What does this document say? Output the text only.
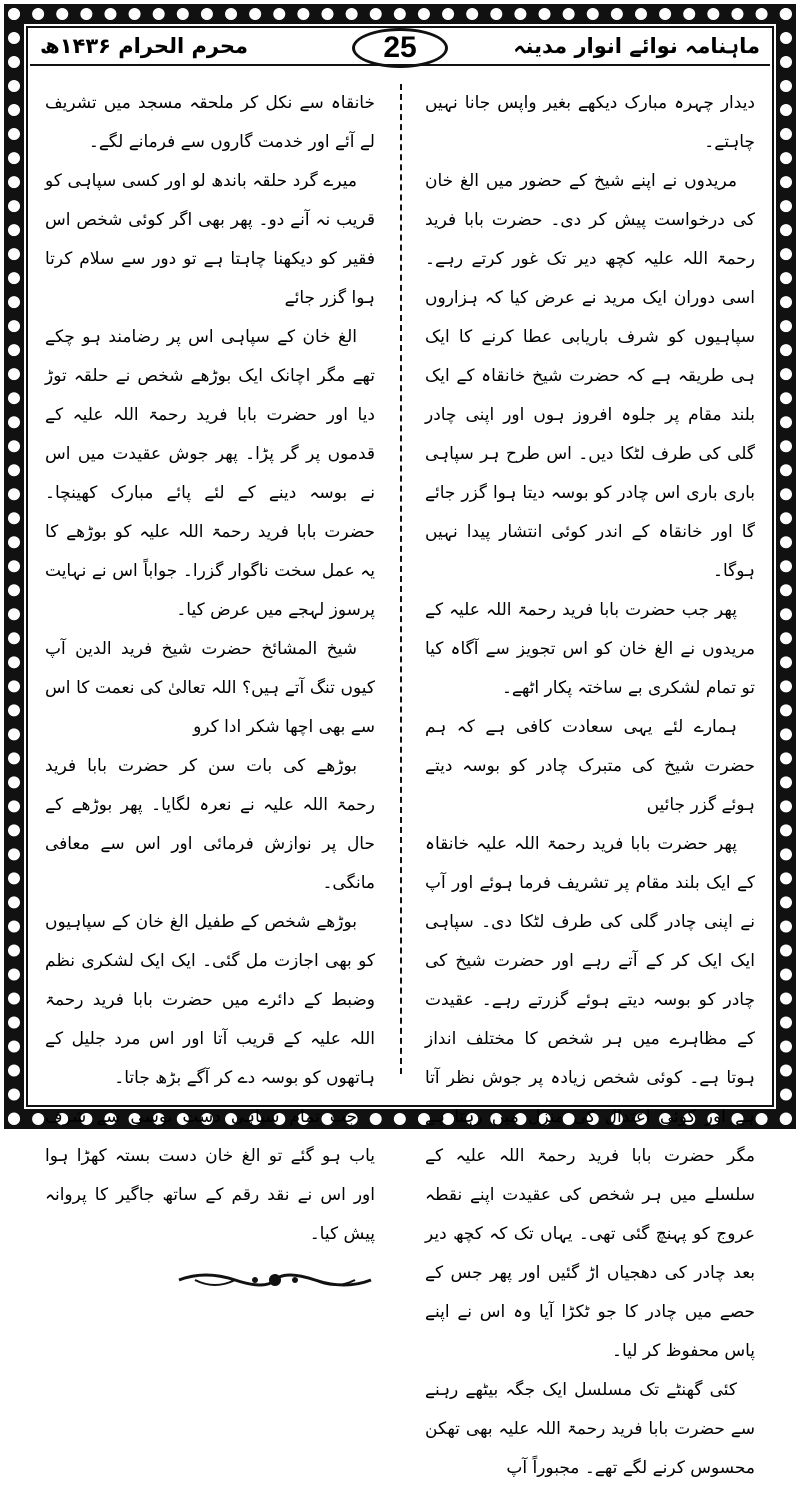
محرم الحرام ۱۴۳۶ھ	25	ماہنامہ نوائے انوار مدینہ

دیدار چہرہ مبارک دیکھے بغیر واپس جانا نہیں چاہتے۔

مریدوں نے اپنے شیخ کے حضور میں الغ خان کی درخواست پیش کر دی۔ حضرت بابا فرید رحمۃ اللہ علیہ کچھ دیر تک غور کرتے رہے۔ اسی دوران ایک مرید نے عرض کیا کہ ہزاروں سپاہیوں کو شرف باریابی عطا کرنے کا ایک ہی طریقہ ہے کہ حضرت شیخ خانقاہ کے ایک بلند مقام پر جلوہ افروز ہوں اور اپنی چادر گلی کی طرف لٹکا دیں۔ اس طرح ہر سپاہی باری باری اس چادر کو بوسہ دیتا ہوا گزر جائے گا اور خانقاہ کے اندر کوئی انتشار پیدا نہیں ہوگا۔

پھر جب حضرت بابا فرید رحمۃ اللہ علیہ کے مریدوں نے الغ خان کو اس تجویز سے آگاہ کیا تو تمام لشکری بے ساختہ پکار اٹھے۔

ہمارے لئے یہی سعادت کافی ہے کہ ہم حضرت شیخ کی متبرک چادر کو بوسہ دیتے ہوئے گزر جائیں

پھر حضرت بابا فرید رحمۃ اللہ علیہ خانقاہ کے ایک بلند مقام پر تشریف فرما ہوئے اور آپ نے اپنی چادر گلی کی طرف لٹکا دی۔ سپاہی ایک ایک کر کے آتے رہے اور حضرت شیخ کی چادر کو بوسہ دیتے ہوئے گزرتے رہے۔ عقیدت کے مظاہرے میں ہر شخص کا مختلف انداز ہوتا ہے۔ کوئی شخص زیادہ پر جوش نظر آتا ہے اور کوئی اعتدال کی منزل میں رہتا ہے مگر حضرت بابا فرید رحمۃ اللہ علیہ کے سلسلے میں ہر شخص کی عقیدت اپنے نقطہ عروج کو پہنچ گئی تھی۔ یہاں تک کہ کچھ دیر بعد چادر کی دھجیاں اڑ گئیں اور پھر جس کے حصے میں چادر کا جو ٹکڑا آیا وہ اس نے اپنے پاس محفوظ کر لیا۔

کئی گھنٹے تک مسلسل ایک جگہ بیٹھے رہنے سے حضرت بابا فرید رحمۃ اللہ علیہ بھی تھکن محسوس کرنے لگے تھے۔ مجبوراً آپ

خانقاہ سے نکل کر ملحقہ مسجد میں تشریف لے آئے اور خدمت گاروں سے فرمانے لگے۔

میرے گرد حلقہ باندھ لو اور کسی سپاہی کو قریب نہ آنے دو۔ پھر بھی اگر کوئی شخص اس فقیر کو دیکھنا چاہتا ہے تو دور سے سلام کرتا ہوا گزر جائے

الغ خان کے سپاہی اس پر رضامند ہو چکے تھے مگر اچانک ایک بوڑھے شخص نے حلقہ توڑ دیا اور حضرت بابا فرید رحمۃ اللہ علیہ کے قدموں پر گر پڑا۔ پھر جوش عقیدت میں اس نے بوسہ دینے کے لئے پائے مبارک کھینچا۔ حضرت بابا فرید رحمۃ اللہ علیہ کو بوڑھے کا یہ عمل سخت ناگوار گزرا۔ جواباً اس نے نہایت پرسوز لہجے میں عرض کیا۔

شیخ المشائخ حضرت شیخ فرید الدین آپ کیوں تنگ آتے ہیں؟ اللہ تعالیٰ کی نعمت کا اس سے بھی اچھا شکر ادا کرو

بوڑھے کی بات سن کر حضرت بابا فرید رحمۃ اللہ علیہ نے نعرہ لگایا۔ پھر بوڑھے کے حال پر نوازش فرمائی اور اس سے معافی مانگی۔

بوڑھے شخص کے طفیل الغ خان کے سپاہیوں کو بھی اجازت مل گئی۔ ایک ایک لشکری نظم وضبط کے دائرے میں حضرت بابا فرید رحمۃ اللہ علیہ کے قریب آتا اور اس مرد جلیل کے ہاتھوں کو بوسہ دے کر آگے بڑھ جاتا۔

جب تمام سپاہی دست بوسی سے شرف یاب ہو گئے تو الغ خان دست بستہ کھڑا ہوا اور اس نے نقد رقم کے ساتھ جاگیر کا پروانہ پیش کیا۔
